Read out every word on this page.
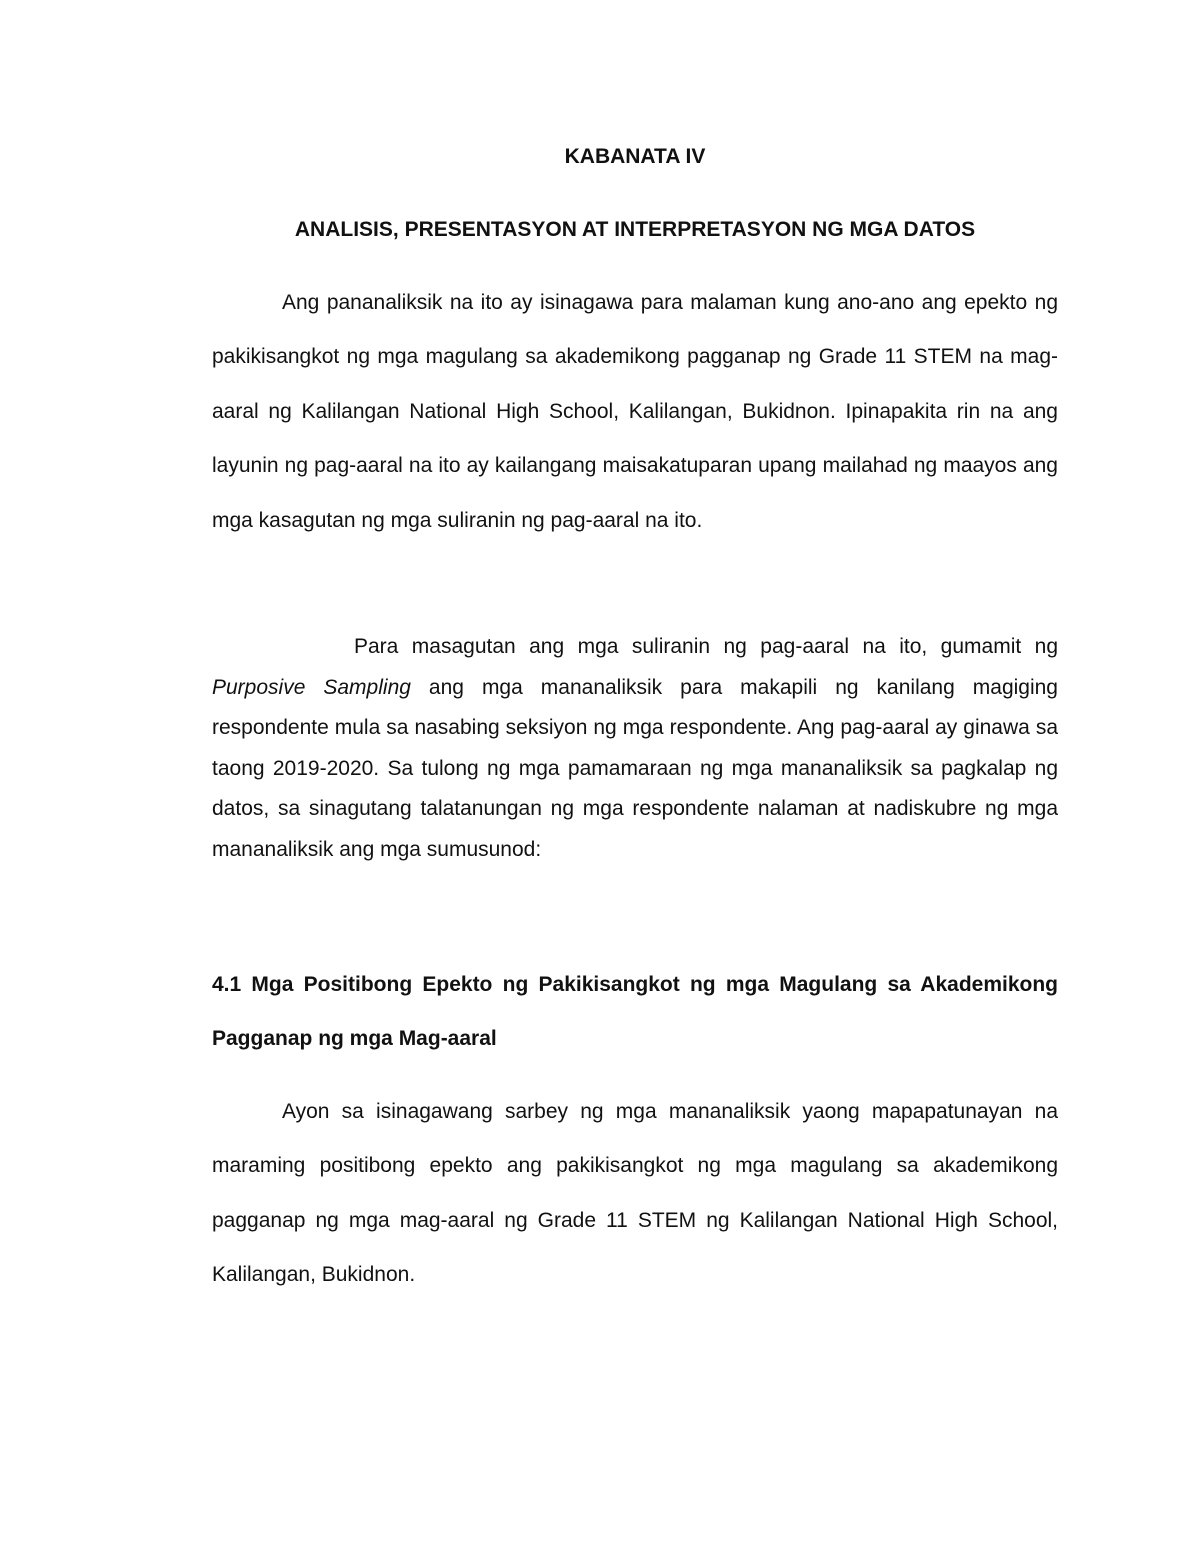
KABANATA IV
ANALISIS, PRESENTASYON AT INTERPRETASYON NG MGA DATOS

Ang pananaliksik na ito ay isinagawa para malaman kung ano-ano ang epekto ng pakikisangkot ng mga magulang sa akademikong pagganap ng Grade 11 STEM na mag- aaral ng Kalilangan National High School, Kalilangan, Bukidnon. Ipinapakita rin na ang layunin ng pag-aaral na ito ay kailangang maisakatuparan upang mailahad ng maayos ang mga kasagutan ng mga suliranin ng pag-aaral na ito.

Para masagutan ang mga suliranin ng pag-aaral na ito, gumamit ng Purposive Sampling ang mga mananaliksik para makapili ng kanilang magiging respondente mula sa nasabing seksiyon ng mga respondente. Ang pag-aaral ay ginawa sa taong 2019-2020. Sa tulong ng mga pamamaraan ng mga mananaliksik sa pagkalap ng datos, sa sinagutang talatanungan ng mga respondente nalaman at nadiskubre ng mga mananaliksik ang mga sumusunod:

4.1 Mga Positibong Epekto ng Pakikisangkot ng mga Magulang sa Akademikong Pagganap ng mga Mag-aaral

Ayon sa isinagawang sarbey ng mga mananaliksik yaong mapapatunayan na maraming positibong epekto ang pakikisangkot ng mga magulang sa akademikong pagganap ng mga mag-aaral ng Grade 11 STEM ng Kalilangan National High School, Kalilangan, Bukidnon.
